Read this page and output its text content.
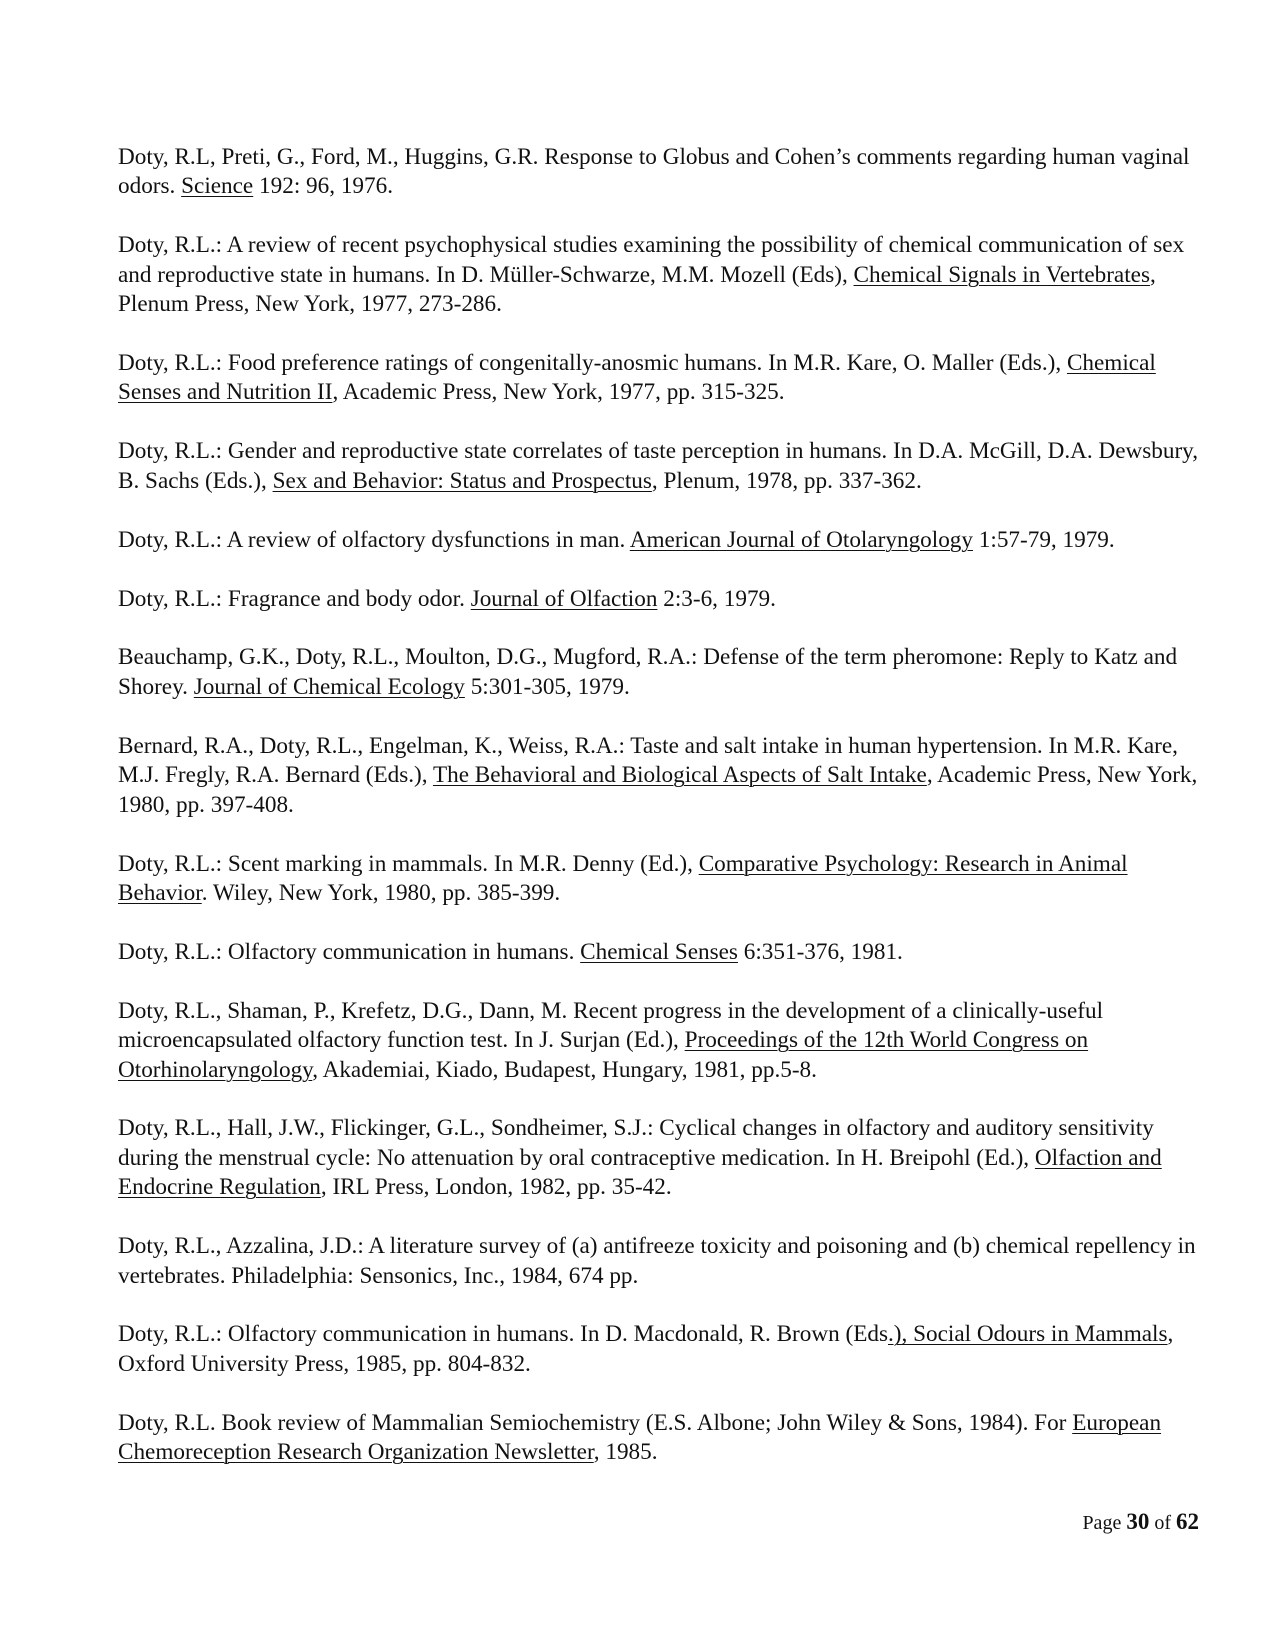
Doty, R.L, Preti, G., Ford, M., Huggins, G.R. Response to Globus and Cohen’s comments regarding human vaginal odors. Science 192: 96, 1976.

Doty, R.L.: A review of recent psychophysical studies examining the possibility of chemical communication of sex and reproductive state in humans. In D. Müller-Schwarze, M.M. Mozell (Eds), Chemical Signals in Vertebrates, Plenum Press, New York, 1977, 273-286.

Doty, R.L.: Food preference ratings of congenitally-anosmic humans. In M.R. Kare, O. Maller (Eds.), Chemical Senses and Nutrition II, Academic Press, New York, 1977, pp. 315-325.

Doty, R.L.: Gender and reproductive state correlates of taste perception in humans. In D.A. McGill, D.A. Dewsbury, B. Sachs (Eds.), Sex and Behavior: Status and Prospectus, Plenum, 1978, pp. 337-362.

Doty, R.L.: A review of olfactory dysfunctions in man. American Journal of Otolaryngology 1:57-79, 1979.

Doty, R.L.: Fragrance and body odor. Journal of Olfaction 2:3-6, 1979.

Beauchamp, G.K., Doty, R.L., Moulton, D.G., Mugford, R.A.: Defense of the term pheromone: Reply to Katz and Shorey. Journal of Chemical Ecology 5:301-305, 1979.

Bernard, R.A., Doty, R.L., Engelman, K., Weiss, R.A.: Taste and salt intake in human hypertension. In M.R. Kare, M.J. Fregly, R.A. Bernard (Eds.), The Behavioral and Biological Aspects of Salt Intake, Academic Press, New York, 1980, pp. 397-408.

Doty, R.L.: Scent marking in mammals. In M.R. Denny (Ed.), Comparative Psychology: Research in Animal Behavior. Wiley, New York, 1980, pp. 385-399.

Doty, R.L.: Olfactory communication in humans. Chemical Senses 6:351-376, 1981.

Doty, R.L., Shaman, P., Krefetz, D.G., Dann, M. Recent progress in the development of a clinically-useful microencapsulated olfactory function test. In J. Surjan (Ed.), Proceedings of the 12th World Congress on Otorhinolaryngology, Akademiai, Kiado, Budapest, Hungary, 1981, pp.5-8.

Doty, R.L., Hall, J.W., Flickinger, G.L., Sondheimer, S.J.: Cyclical changes in olfactory and auditory sensitivity during the menstrual cycle: No attenuation by oral contraceptive medication. In H. Breipohl (Ed.), Olfaction and Endocrine Regulation, IRL Press, London, 1982, pp. 35-42.

Doty, R.L., Azzalina, J.D.: A literature survey of (a) antifreeze toxicity and poisoning and (b) chemical repellency in vertebrates. Philadelphia: Sensonics, Inc., 1984, 674 pp.

Doty, R.L.: Olfactory communication in humans. In D. Macdonald, R. Brown (Eds.), Social Odours in Mammals, Oxford University Press, 1985, pp. 804-832.

Doty, R.L. Book review of Mammalian Semiochemistry (E.S. Albone; John Wiley & Sons, 1984). For European Chemoreception Research Organization Newsletter, 1985.

Page 30 of 62
